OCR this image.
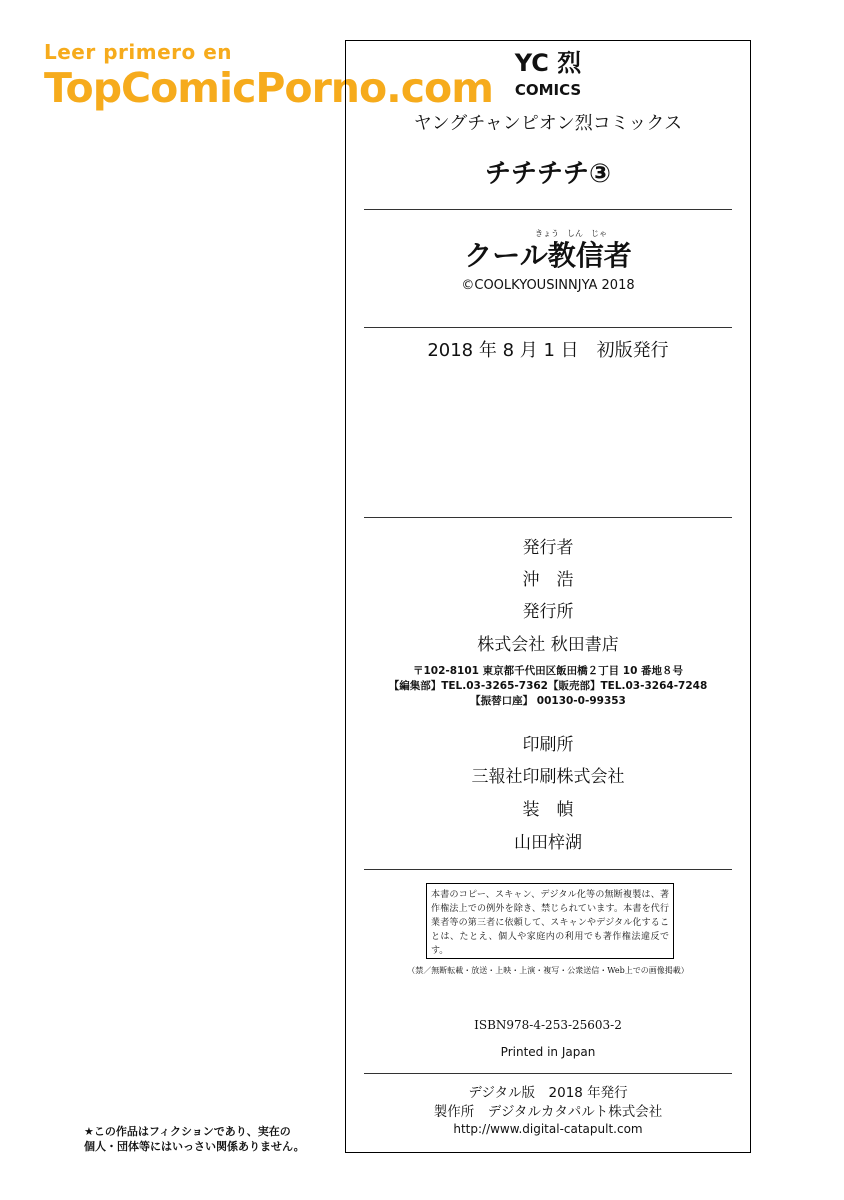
Leer primero en
TopComicPorno.com
YC 烈
COMICS
ヤングチャンピオン烈コミックス
チチチチ③
きょう　しん　じゃ
クール教信者
©COOLKYOUSINNJYA 2018
2018 年 8 月 1 日　初版発行
発行者
沖　浩
発行所
株式会社 秋田書店
〒102-8101 東京都千代田区飯田橋２丁目 10 番地８号
【編集部】TEL.03-3265-7362【販売部】TEL.03-3264-7248
【振替口座】 00130-0-99353
印刷所
三報社印刷株式会社
装　幀
山田梓湖
本書のコピー、スキャン、デジタル化等の無断複製は、著作権法上での例外を除き、禁じられています。本書を代行業者等の第三者に依頼して、スキャンやデジタル化することは、たとえ、個人や家庭内の利用でも著作権法違反です。
（禁／無断転載・放送・上映・上演・複写・公衆送信・Web上での画像掲載）
ISBN978-4-253-25603-2
Printed in Japan
デジタル版　2018 年発行
製作所　デジタルカタパルト株式会社
http://www.digital-catapult.com
★この作品はフィクションであり、実在の
個人・団体等にはいっさい関係ありません。
